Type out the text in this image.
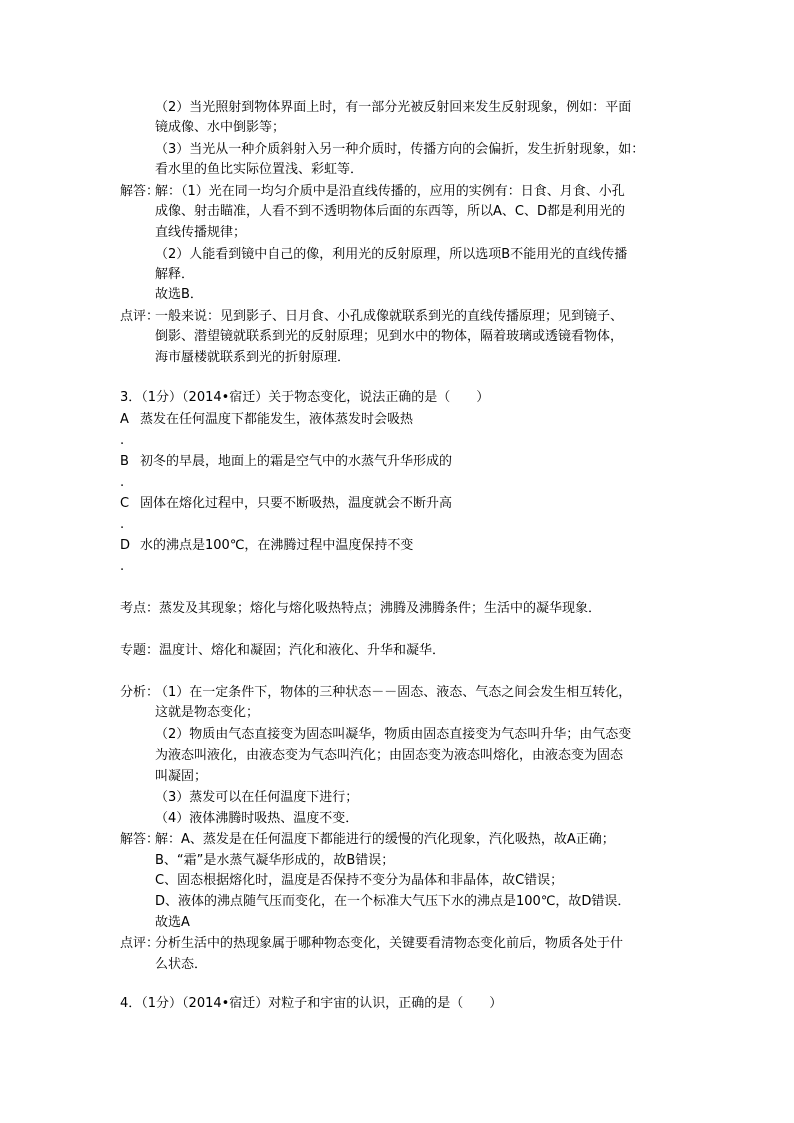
（2）当光照射到物体界面上时，有一部分光被反射回来发生反射现象，例如：平面
镜成像、水中倒影等；
（3）当光从一种介质斜射入另一种介质时，传播方向的会偏折，发生折射现象，如：
看水里的鱼比实际位置浅、彩虹等．
解答：
解：（1）光在同一均匀介质中是沿直线传播的，应用的实例有：日食、月食、小孔
成像、射击瞄准，人看不到不透明物体后面的东西等，所以A、C、D都是利用光的
直线传播规律；
（2）人能看到镜中自己的像，利用光的反射原理，所以选项B不能用光的直线传播
解释．
故选B．
点评：
一般来说：见到影子、日月食、小孔成像就联系到光的直线传播原理；见到镜子、
倒影、潜望镜就联系到光的反射原理；见到水中的物体，隔着玻璃或透镜看物体，
海市蜃楼就联系到光的折射原理．
3．（1分）（2014•宿迁）关于物态变化，说法正确的是（　　）
A 蒸发在任何温度下都能发生，液体蒸发时会吸热
.
B 初冬的早晨，地面上的霜是空气中的水蒸气升华形成的
.
C 固体在熔化过程中，只要不断吸热，温度就会不断升高
.
D 水的沸点是100℃，在沸腾过程中温度保持不变
.
考点：蒸发及其现象；熔化与熔化吸热特点；沸腾及沸腾条件；生活中的凝华现象．
专题：温度计、熔化和凝固；汽化和液化、升华和凝华．
分析：
（1）在一定条件下，物体的三种状态－－固态、液态、气态之间会发生相互转化，
这就是物态变化；
（2）物质由气态直接变为固态叫凝华，物质由固态直接变为气态叫升华；由气态变
为液态叫液化，由液态变为气态叫汽化；由固态变为液态叫熔化，由液态变为固态
叫凝固；
（3）蒸发可以在任何温度下进行；
（4）液体沸腾时吸热、温度不变．
解答：
解：A、蒸发是在任何温度下都能进行的缓慢的汽化现象，汽化吸热，故A正确；
B、“霜”是水蒸气凝华形成的，故B错误；
C、固态根据熔化时，温度是否保持不变分为晶体和非晶体，故C错误；
D、液体的沸点随气压而变化，在一个标准大气压下水的沸点是100℃，故D错误．
故选A
点评：
分析生活中的热现象属于哪种物态变化，关键要看清物态变化前后，物质各处于什
么状态．
4．（1分）（2014•宿迁）对粒子和宇宙的认识，正确的是（　　）
